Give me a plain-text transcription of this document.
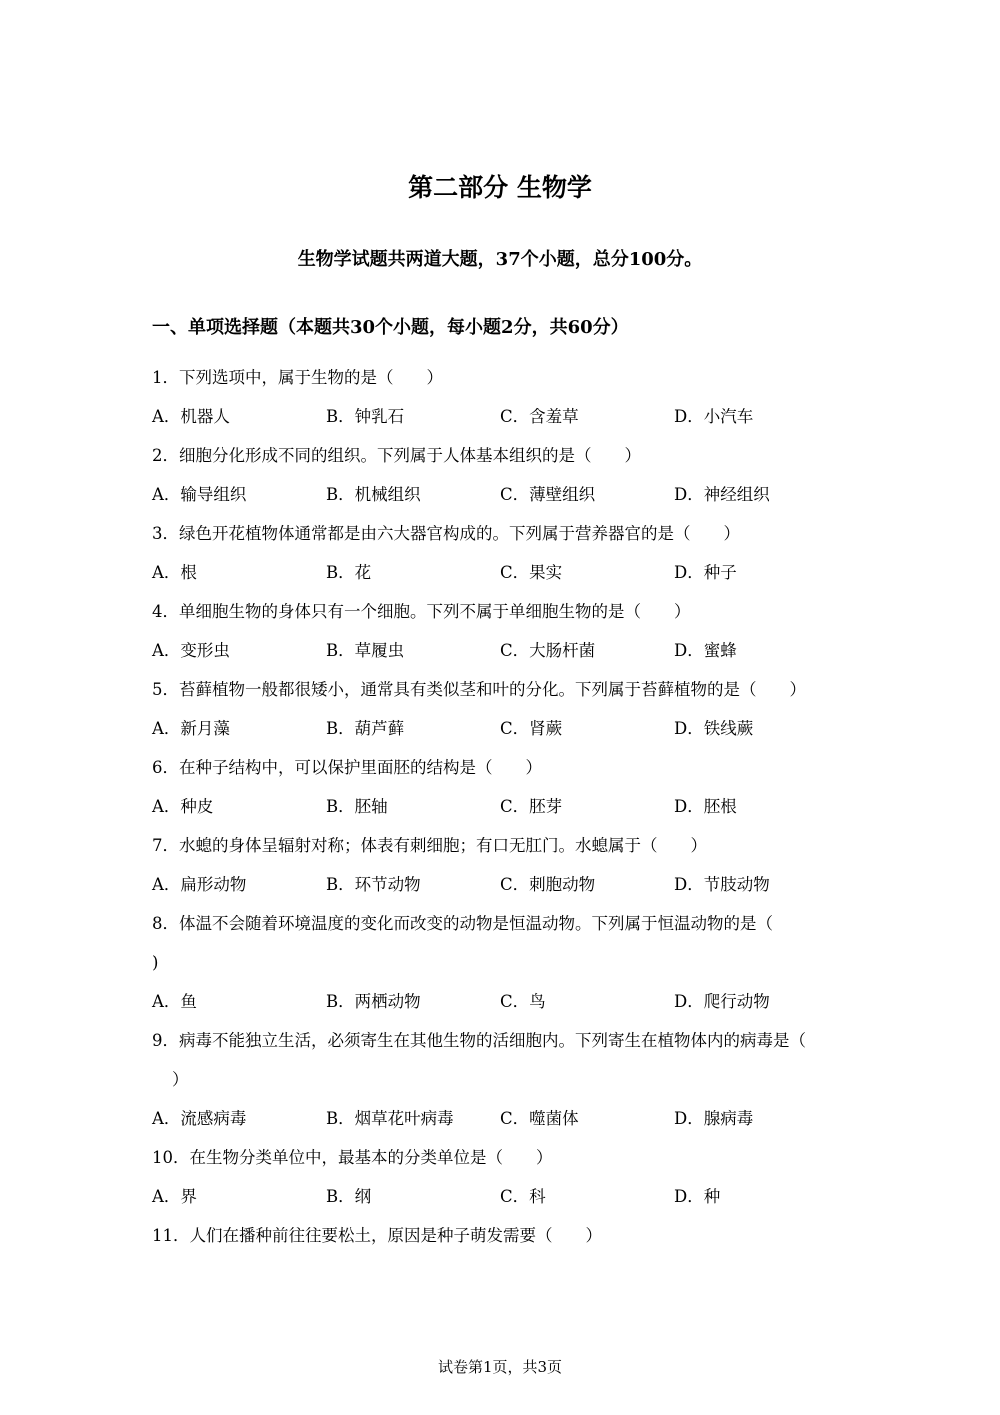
第二部分 生物学
生物学试题共两道大题，37个小题，总分100分。
一、单项选择题（本题共30个小题，每小题2分，共60分）
1．下列选项中，属于生物的是（　　）
A．机器人	B．钟乳石	C．含羞草	D．小汽车
2．细胞分化形成不同的组织。下列属于人体基本组织的是（　　）
A．输导组织	B．机械组织	C．薄壁组织	D．神经组织
3．绿色开花植物体通常都是由六大器官构成的。下列属于营养器官的是（　　）
A．根	B．花	C．果实	D．种子
4．单细胞生物的身体只有一个细胞。下列不属于单细胞生物的是（　　）
A．变形虫	B．草履虫	C．大肠杆菌	D．蜜蜂
5．苔藓植物一般都很矮小，通常具有类似茎和叶的分化。下列属于苔藓植物的是（　　）
A．新月藻	B．葫芦藓	C．肾蕨	D．铁线蕨
6．在种子结构中，可以保护里面胚的结构是（　　）
A．种皮	B．胚轴	C．胚芽	D．胚根
7．水螅的身体呈辐射对称；体表有刺细胞；有口无肛门。水螅属于（　　）
A．扁形动物	B．环节动物	C．刺胞动物	D．节肢动物
8．体温不会随着环境温度的变化而改变的动物是恒温动物。下列属于恒温动物的是（
)
A．鱼	B．两栖动物	C．鸟	D．爬行动物
9．病毒不能独立生活，必须寄生在其他生物的活细胞内。下列寄生在植物体内的病毒是（
）
A．流感病毒	B．烟草花叶病毒	C．噬菌体	D．腺病毒
10．在生物分类单位中，最基本的分类单位是（　　）
A．界	B．纲	C．科	D．种
11．人们在播种前往往要松土，原因是种子萌发需要（　　）
试卷第1页，共3页
